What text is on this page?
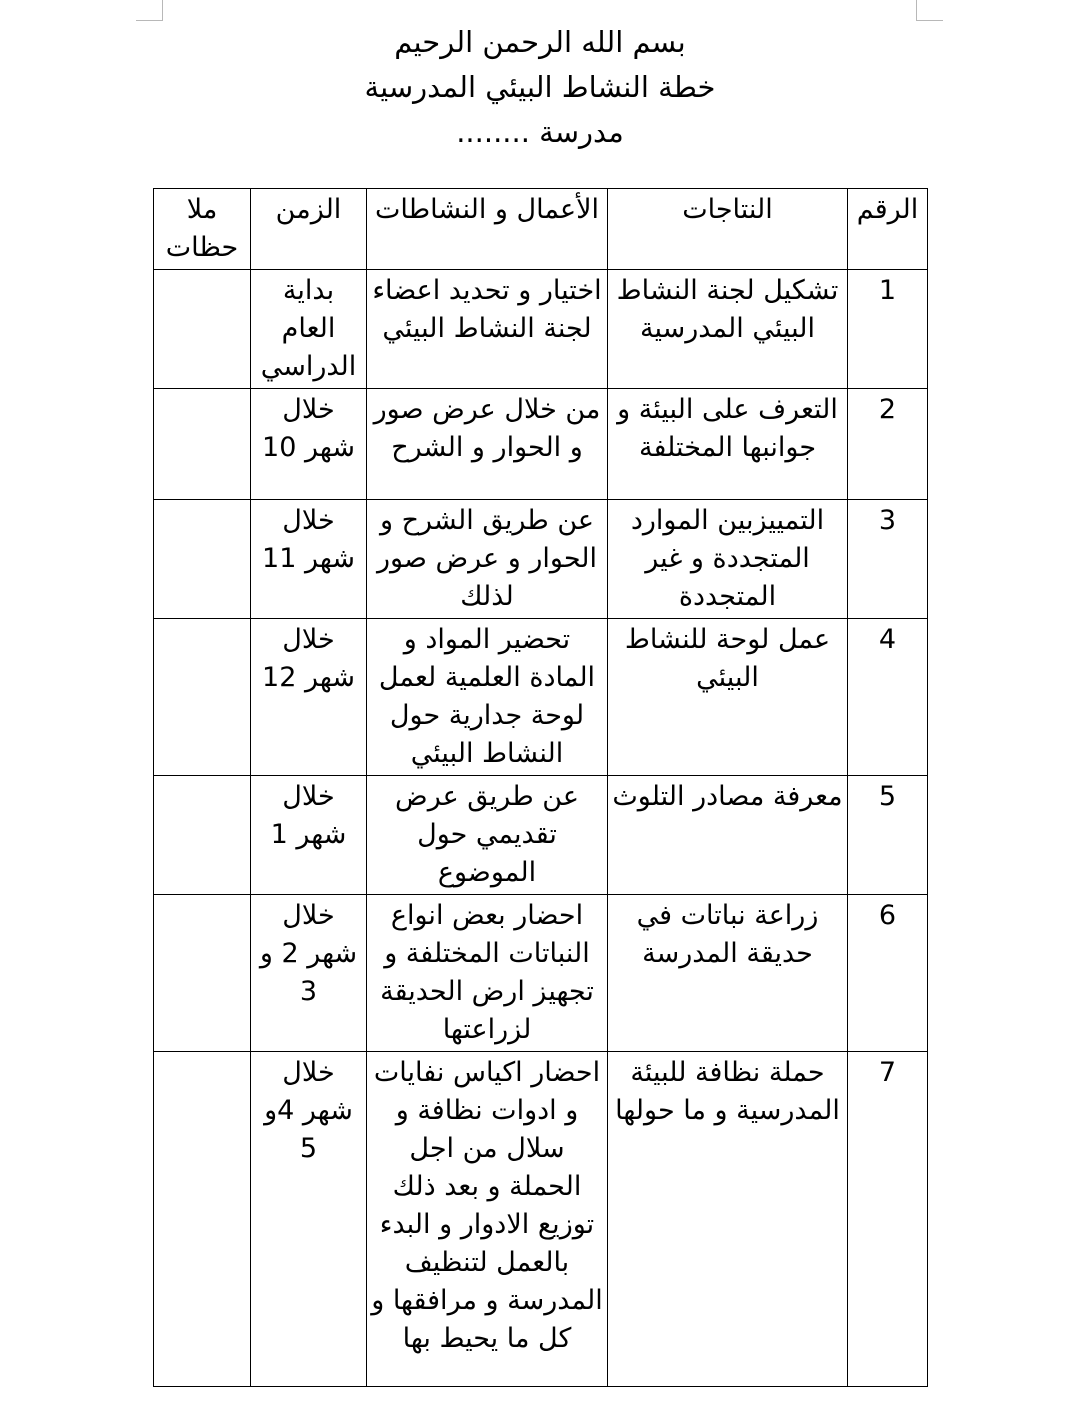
بسم الله الرحمن الرحيم
خطة النشاط البيئي المدرسية
مدرسة ........
الرقم	النتاجات	الأعمال و النشاطات	الزمن	ملا حظات
1	تشكيل لجنة النشاط البيئي المدرسية	اختيار و تحديد اعضاء لجنة النشاط البيئي	بداية العام الدراسي	
2	التعرف على البيئة و جوانبها المختلفة	من خلال عرض صور و الحوار و الشرح	خلال شهر 10	
3	التمييزبين الموارد المتجددة و غير المتجددة	عن طريق الشرح و الحوار و عرض صور لذلك	خلال شهر 11	
4	عمل لوحة للنشاط البيئي	تحضير المواد و المادة العلمية لعمل لوحة جدارية حول النشاط البيئي	خلال شهر 12	
5	معرفة مصادر التلوث	عن طريق عرض تقديمي حول الموضوع	خلال شهر 1	
6	زراعة نباتات في حديقة المدرسة	احضار بعض انواع النباتات المختلفة و تجهيز ارض الحديقة لزراعتها	خلال شهر 2 و 3	
7	حملة نظافة للبيئة المدرسية و ما حولها	احضار اكياس نفايات و ادوات نظافة و سلال من اجل الحملة و بعد ذلك توزيع الادوار و البدء بالعمل لتنظيف المدرسة و مرافقها و كل ما يحيط بها	خلال شهر 4و 5	
